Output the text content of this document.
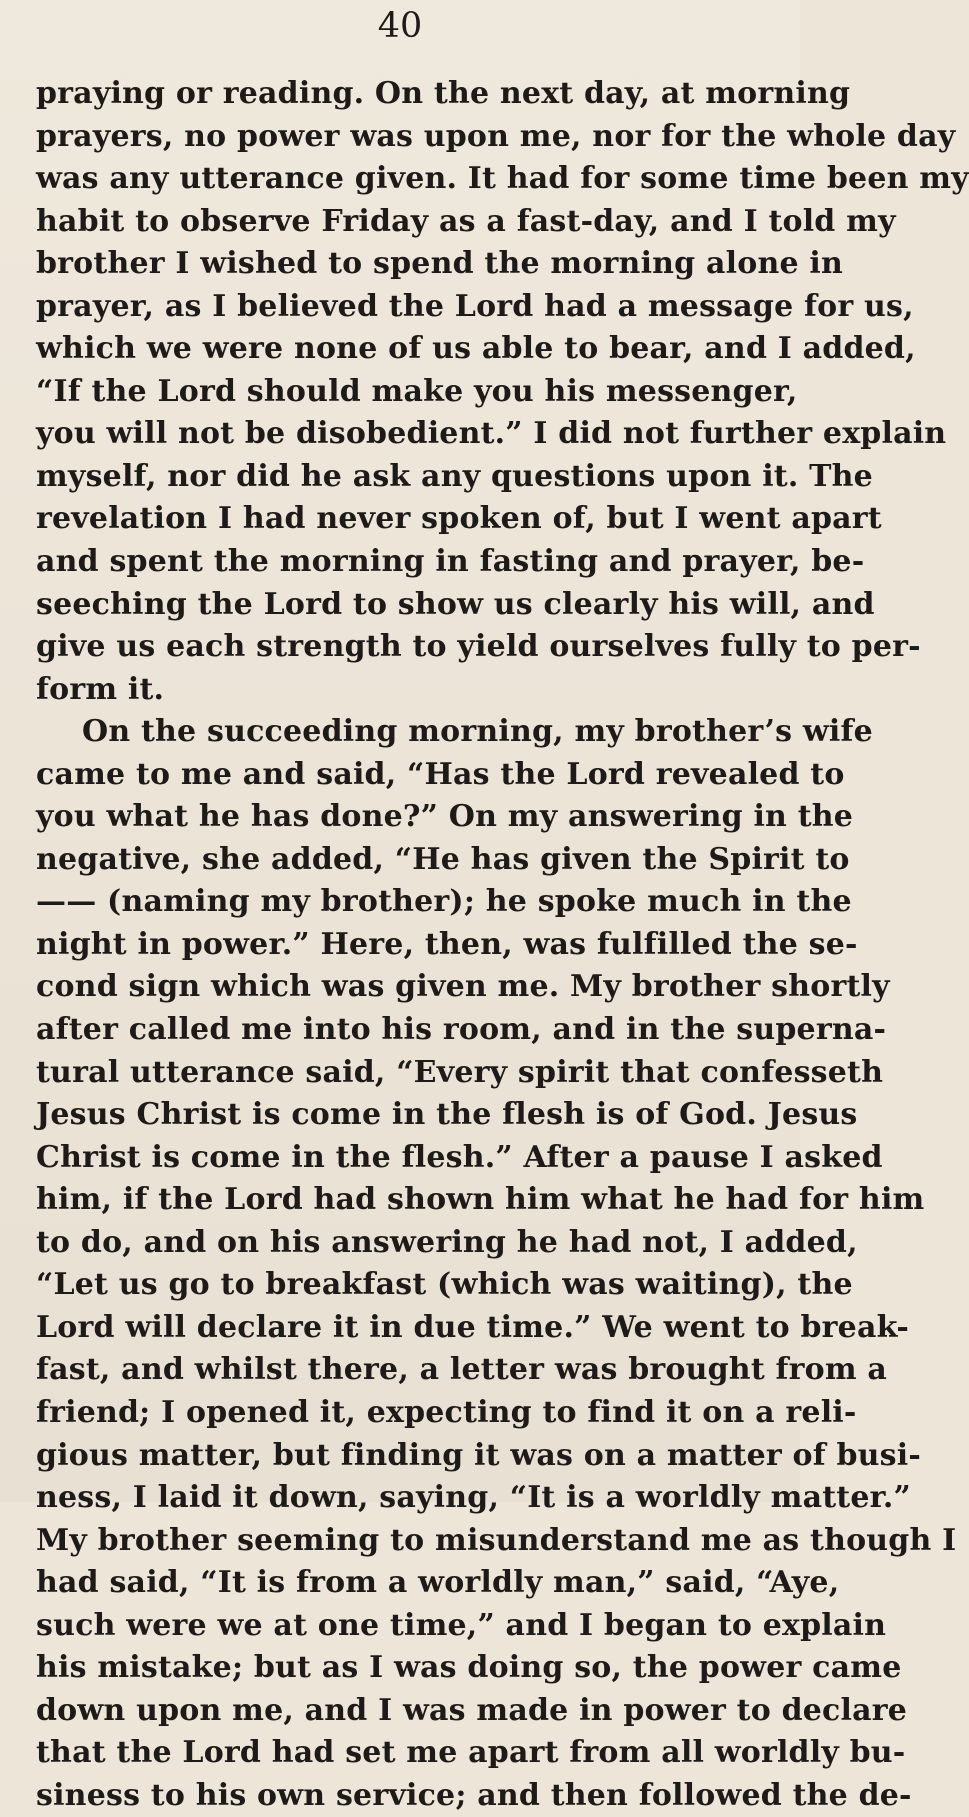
40
praying or reading. On the next day, at morning
prayers, no power was upon me, nor for the whole day
was any utterance given. It had for some time been my
habit to observe Friday as a fast-day, and I told my
brother I wished to spend the morning alone in
prayer, as I believed the Lord had a message for us,
which we were none of us able to bear, and I added,
“If the Lord should make you his messenger,
you will not be disobedient.” I did not further explain
myself, nor did he ask any questions upon it. The
revelation I had never spoken of, but I went apart
and spent the morning in fasting and prayer, be-
seeching the Lord to show us clearly his will, and
give us each strength to yield ourselves fully to per-
form it.
On the succeeding morning, my brother’s wife
came to me and said, “Has the Lord revealed to
you what he has done?” On my answering in the
negative, she added, “He has given the Spirit to
—— (naming my brother); he spoke much in the
night in power.” Here, then, was fulfilled the se-
cond sign which was given me. My brother shortly
after called me into his room, and in the superna-
tural utterance said, “Every spirit that confesseth
Jesus Christ is come in the flesh is of God. Jesus
Christ is come in the flesh.” After a pause I asked
him, if the Lord had shown him what he had for him
to do, and on his answering he had not, I added,
“Let us go to breakfast (which was waiting), the
Lord will declare it in due time.” We went to break-
fast, and whilst there, a letter was brought from a
friend; I opened it, expecting to find it on a reli-
gious matter, but finding it was on a matter of busi-
ness, I laid it down, saying, “It is a worldly matter.”
My brother seeming to misunderstand me as though I
had said, “It is from a worldly man,” said, “Aye,
such were we at one time,” and I began to explain
his mistake; but as I was doing so, the power came
down upon me, and I was made in power to declare
that the Lord had set me apart from all worldly bu-
siness to his own service; and then followed the de-
